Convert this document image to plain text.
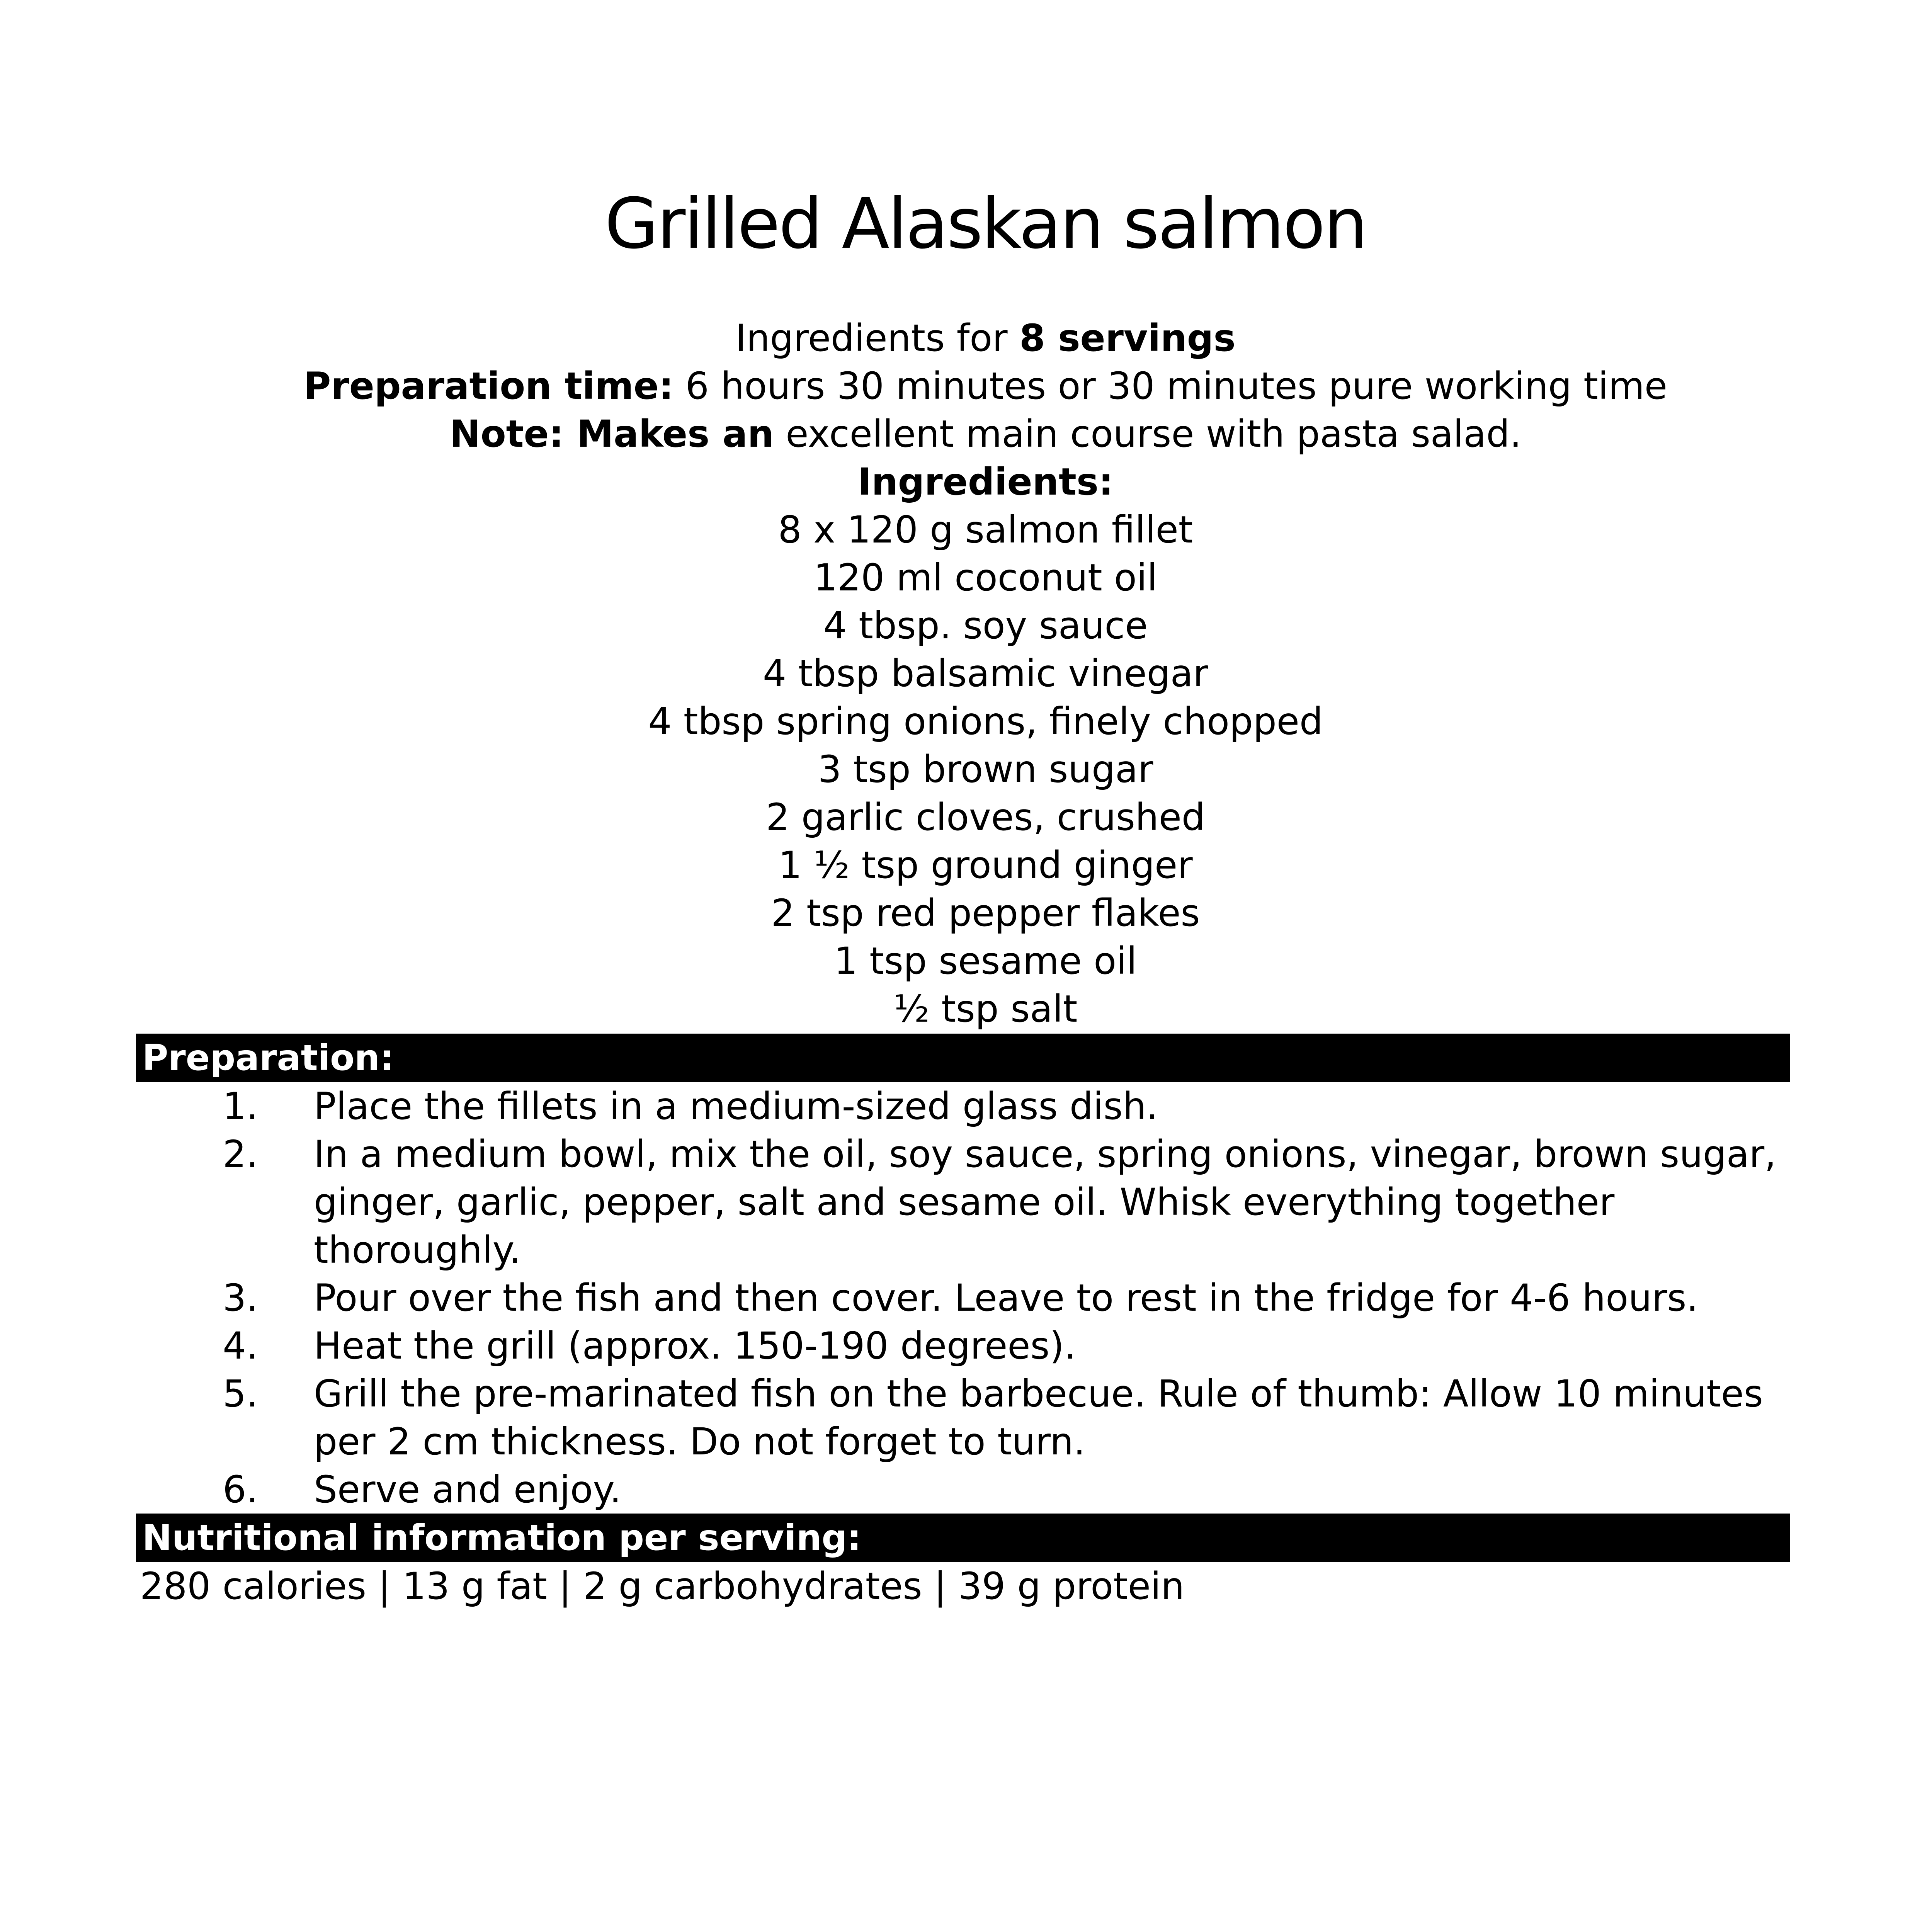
Grilled Alaskan salmon
Ingredients for 8 servings
Preparation time: 6 hours 30 minutes or 30 minutes pure working time
Note: Makes an excellent main course with pasta salad.
Ingredients:
8 x 120 g salmon fillet
120 ml coconut oil
4 tbsp. soy sauce
4 tbsp balsamic vinegar
4 tbsp spring onions, finely chopped
3 tsp brown sugar
2 garlic cloves, crushed
1 ½ tsp ground ginger
2 tsp red pepper flakes
1 tsp sesame oil
½ tsp salt
Preparation:
1.	Place the fillets in a medium-sized glass dish.
2.	In a medium bowl, mix the oil, soy sauce, spring onions, vinegar, brown sugar, ginger, garlic, pepper, salt and sesame oil. Whisk everything together thoroughly.
3.	Pour over the fish and then cover. Leave to rest in the fridge for 4-6 hours.
4.	Heat the grill (approx. 150-190 degrees).
5.	Grill the pre-marinated fish on the barbecue. Rule of thumb: Allow 10 minutes per 2 cm thickness. Do not forget to turn.
6.	Serve and enjoy.
Nutritional information per serving:
280 calories | 13 g fat | 2 g carbohydrates | 39 g protein
